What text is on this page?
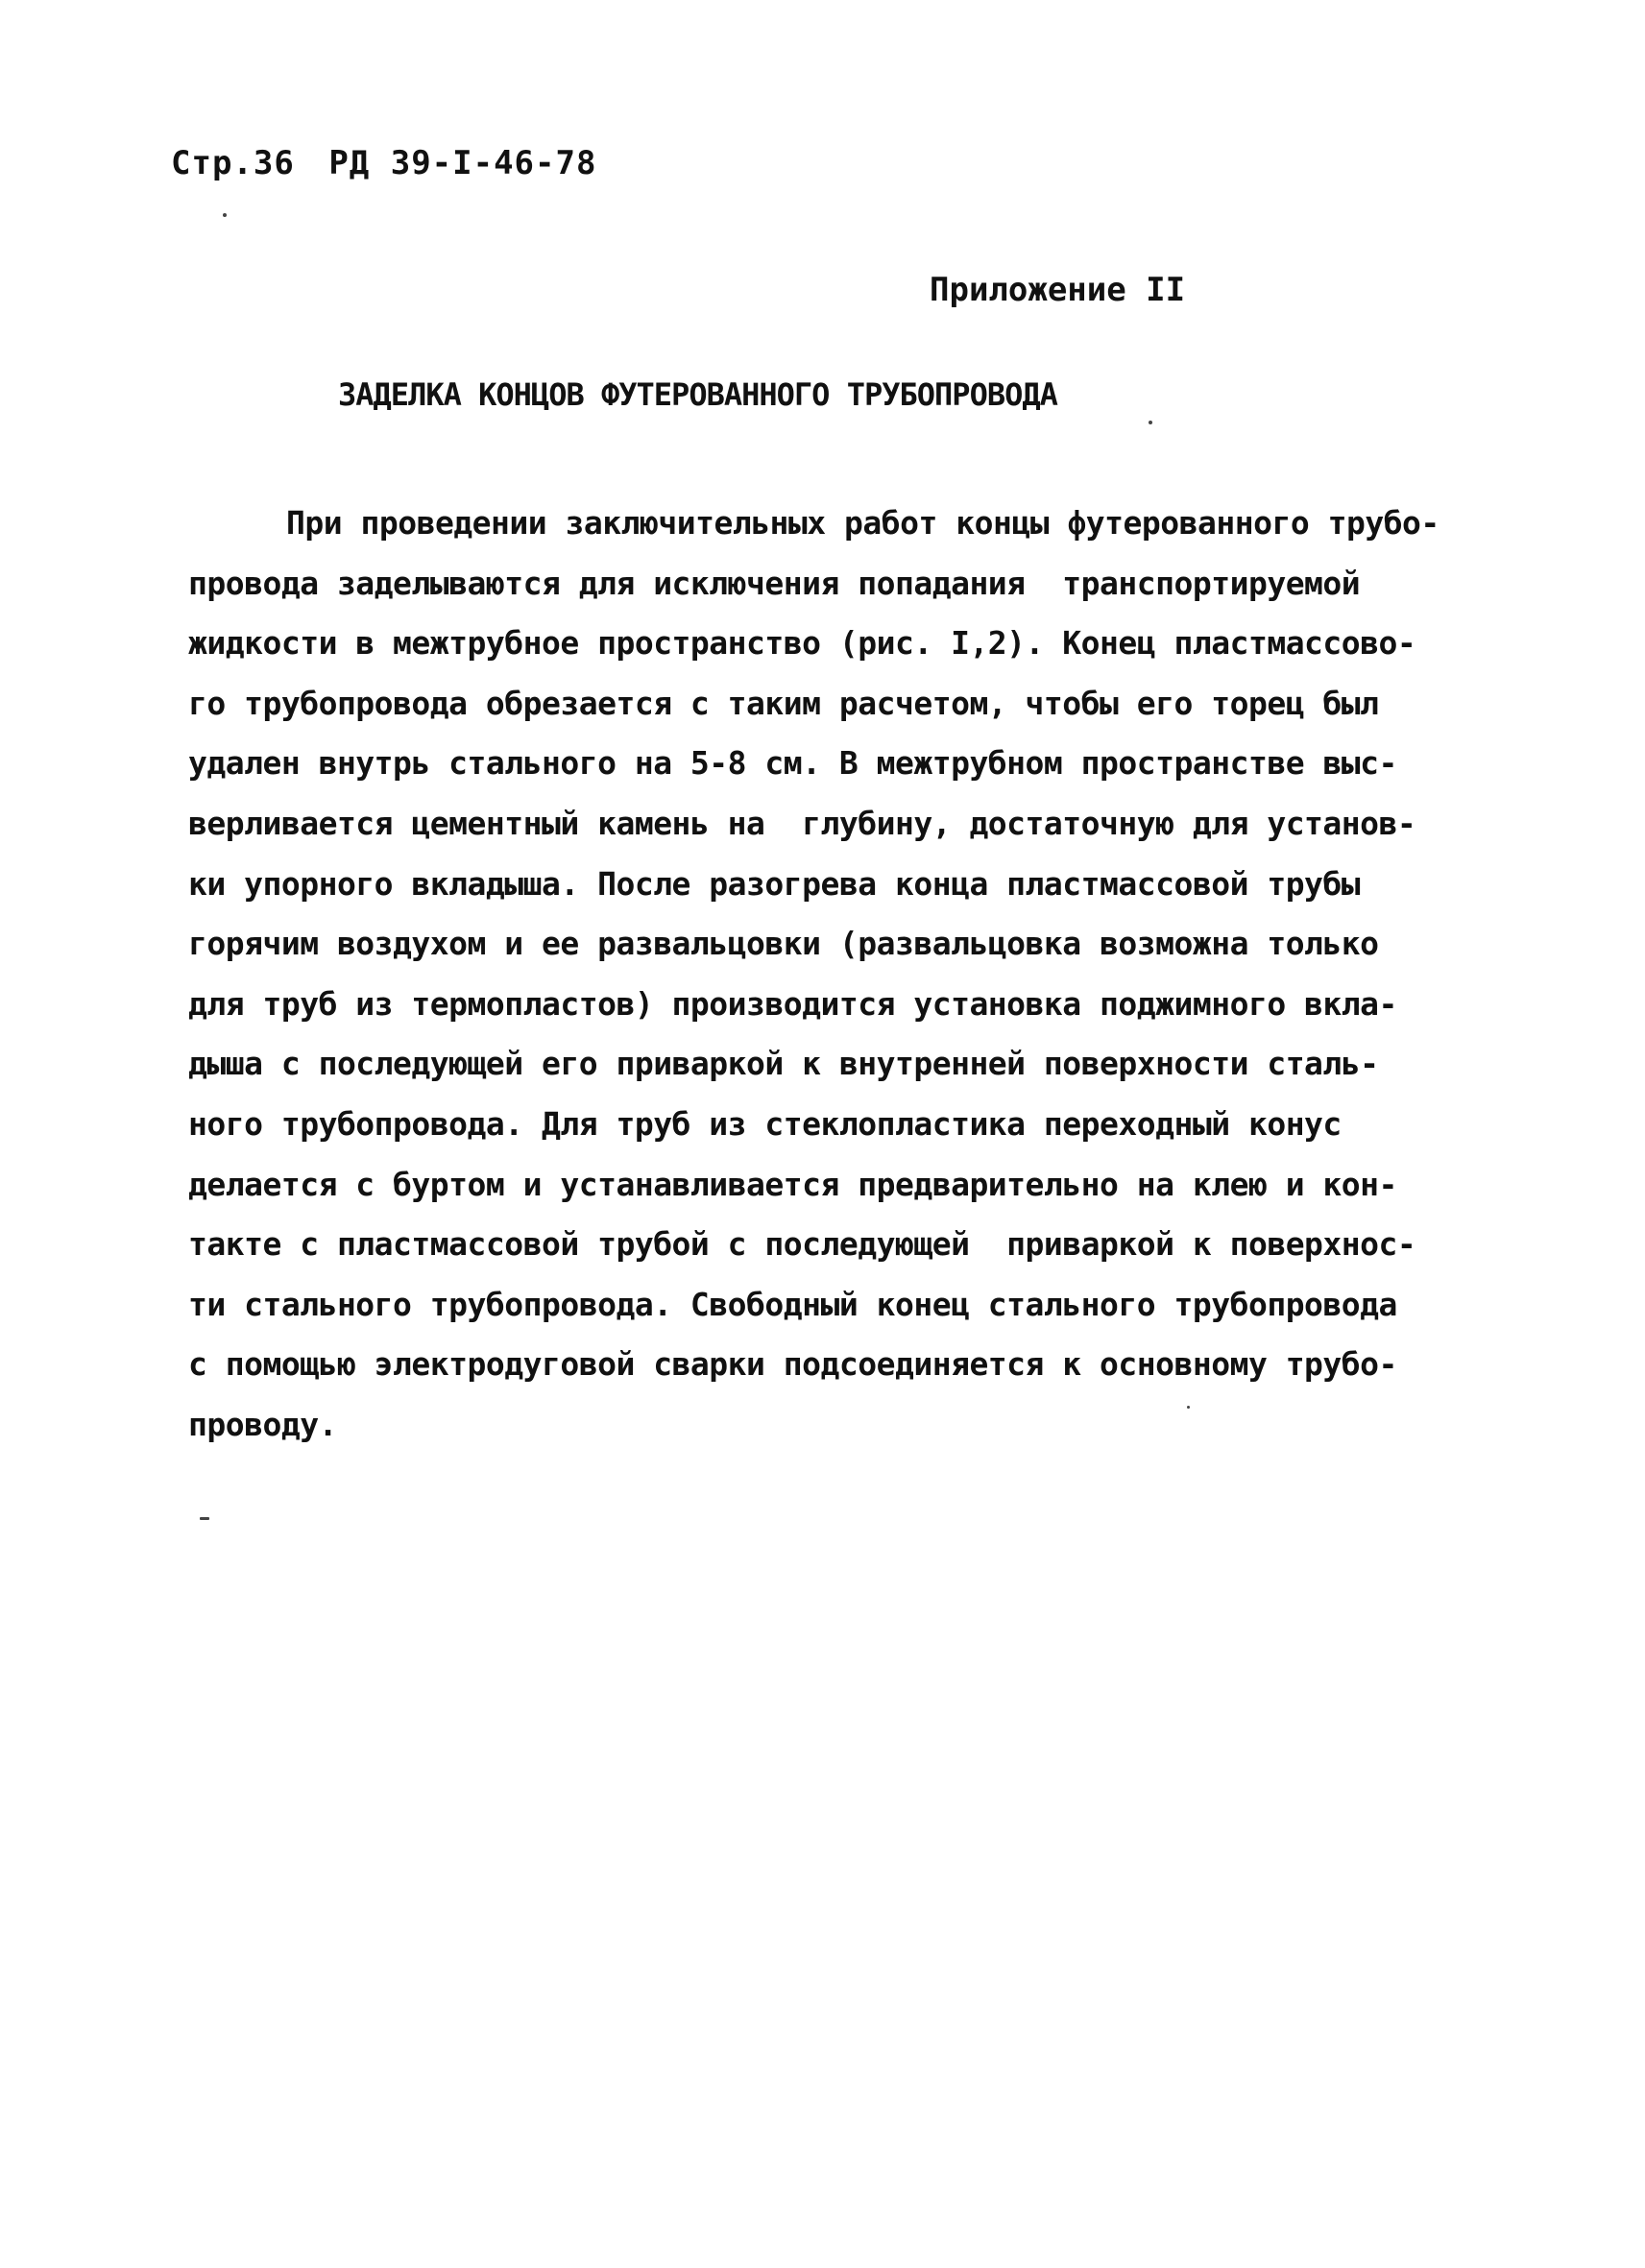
Стр.36 РД 39-I-46-78
Приложение II
ЗАДЕЛКА КОНЦОВ ФУТЕРОВАННОГО ТРУБОПРОВОДА
При проведении заключительных работ концы футерованного трубо-
провода заделываются для исключения попадания  транспортируемой
жидкости в межтрубное пространство (рис. I,2). Конец пластмассово-
го трубопровода обрезается с таким расчетом, чтобы его торец был
удален внутрь стального на 5-8 см. В межтрубном пространстве выс-
верливается цементный камень на  глубину, достаточную для установ-
ки упорного вкладыша. После разогрева конца пластмассовой трубы
горячим воздухом и ее развальцовки (развальцовка возможна только
для труб из термопластов) производится установка поджимного вкла-
дыша с последующей его приваркой к внутренней поверхности сталь-
ного трубопровода. Для труб из стеклопластика переходный конус
делается с буртом и устанавливается предварительно на клею и кон-
такте с пластмассовой трубой с последующей  приваркой к поверхнос-
ти стального трубопровода. Свободный конец стального трубопровода
с помощью электродуговой сварки подсоединяется к основному трубо-
проводу.
